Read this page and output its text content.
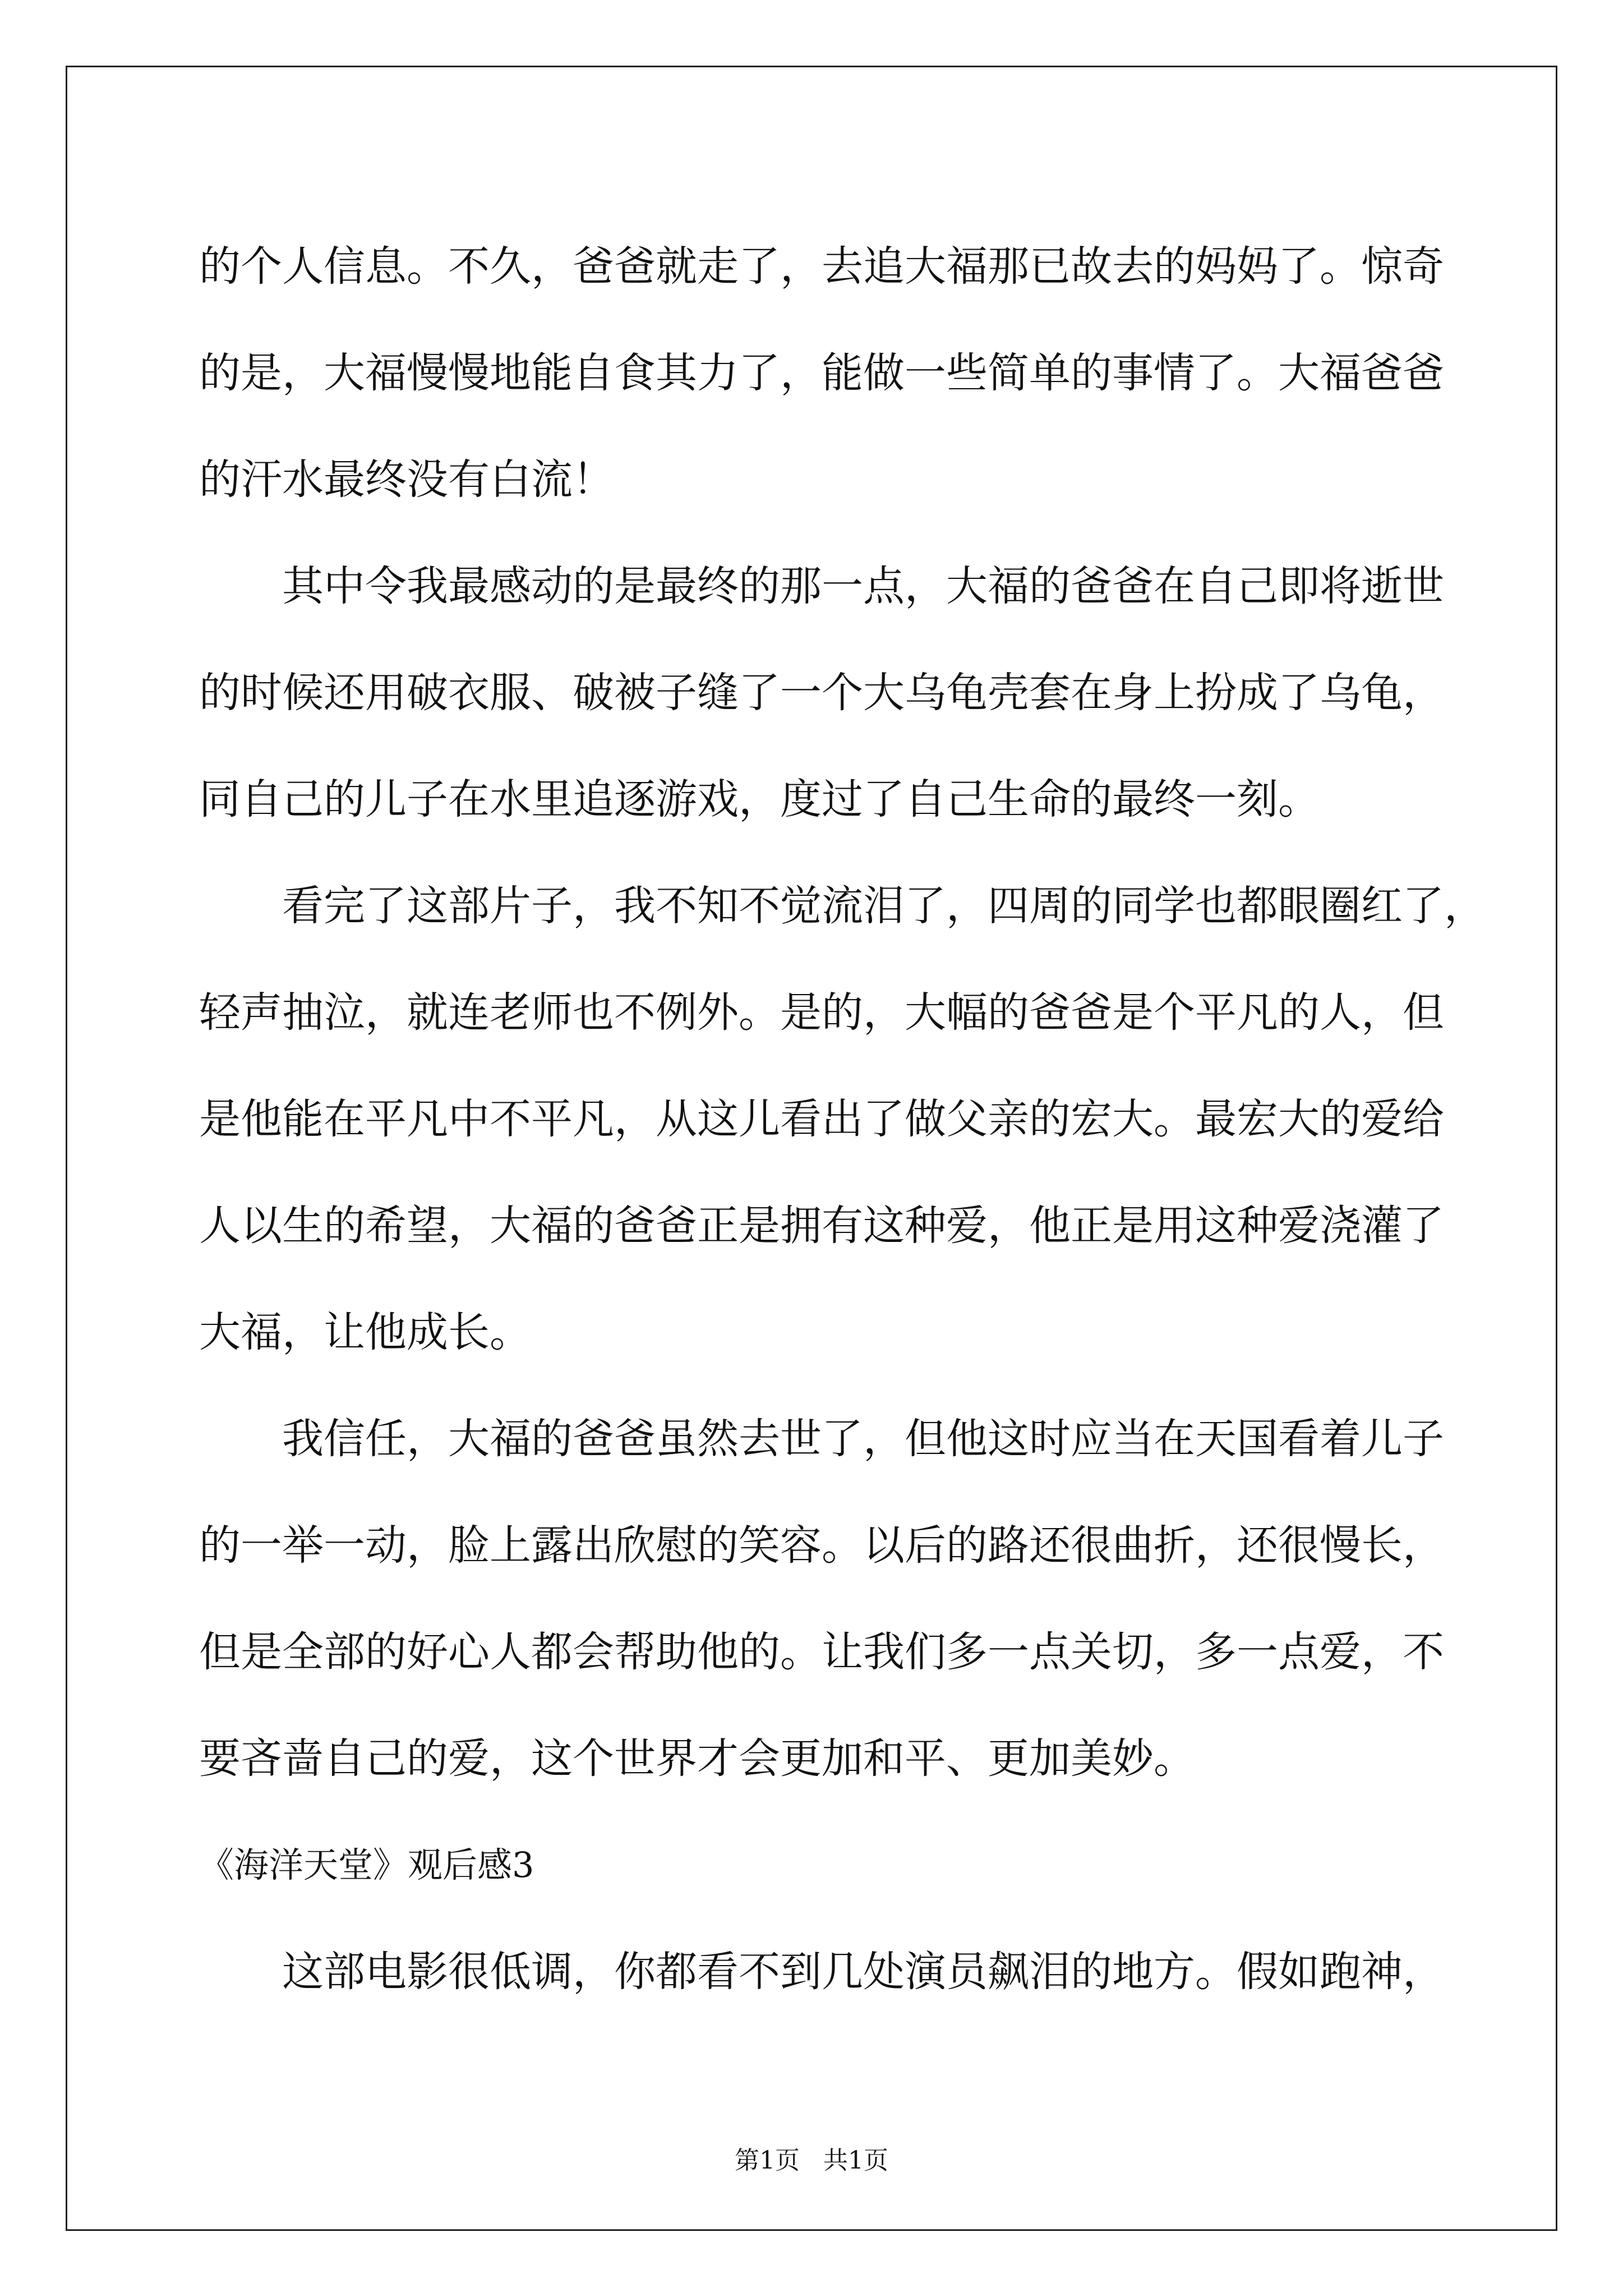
的个人信息。不久，爸爸就走了，去追大福那已故去的妈妈了。惊奇
的是，大福慢慢地能自食其力了，能做一些简单的事情了。大福爸爸
的汗水最终没有白流！
其中令我最感动的是最终的那一点，大福的爸爸在自己即将逝世
的时候还用破衣服、破被子缝了一个大乌龟壳套在身上扮成了乌龟，
同自己的儿子在水里追逐游戏，度过了自己生命的最终一刻。
看完了这部片子，我不知不觉流泪了，四周的同学也都眼圈红了，
轻声抽泣，就连老师也不例外。是的，大幅的爸爸是个平凡的人，但
是他能在平凡中不平凡，从这儿看出了做父亲的宏大。最宏大的爱给
人以生的希望，大福的爸爸正是拥有这种爱，他正是用这种爱浇灌了
大福，让他成长。
我信任，大福的爸爸虽然去世了，但他这时应当在天国看着儿子
的一举一动，脸上露出欣慰的笑容。以后的路还很曲折，还很慢长，
但是全部的好心人都会帮助他的。让我们多一点关切，多一点爱，不
要吝啬自己的爱，这个世界才会更加和平、更加美妙。
《海洋天堂》观后感3
这部电影很低调，你都看不到几处演员飙泪的地方。假如跑神，
第1页   共1页
